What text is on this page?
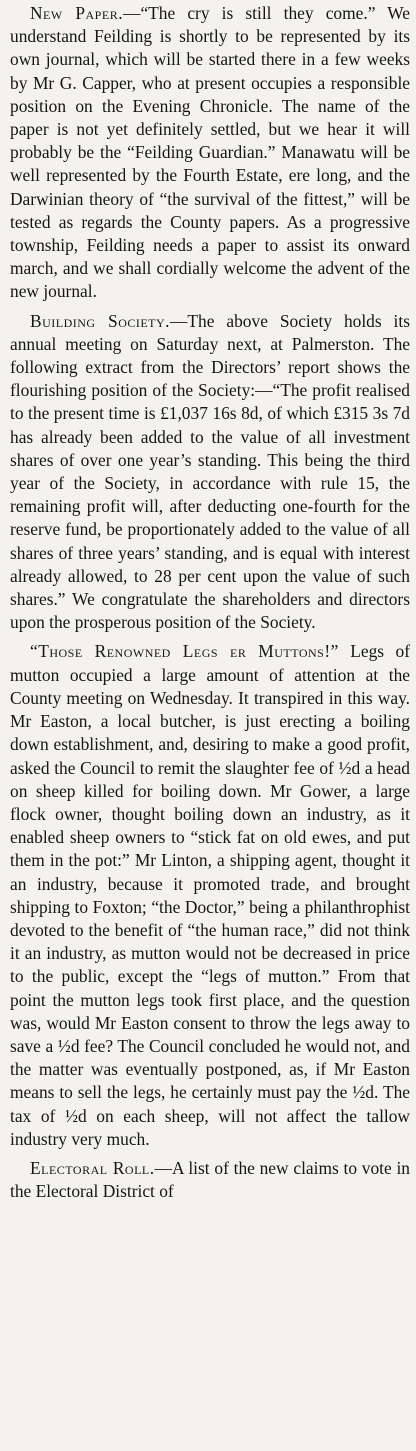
New Paper.—“The cry is still they come.” We understand Feilding is shortly to be represented by its own journal, which will be started there in a few weeks by Mr G. Capper, who at present occupies a responsible position on the Evening Chronicle. The name of the paper is not yet definitely settled, but we hear it will probably be the “Feilding Guardian.” Manawatu will be well represented by the Fourth Estate, ere long, and the Darwinian theory of “the survival of the fittest,” will be tested as regards the County papers. As a progressive township, Feilding needs a paper to assist its onward march, and we shall cordially welcome the advent of the new journal.

Building Society.—The above Society holds its annual meeting on Saturday next, at Palmerston. The following extract from the Directors’ report shows the flourishing position of the Society:—“The profit realised to the present time is £1,037 16s 8d, of which £315 3s 7d has already been added to the value of all investment shares of over one year’s standing. This being the third year of the Society, in accordance with rule 15, the remaining profit will, after deducting one-fourth for the reserve fund, be proportionately added to the value of all shares of three years’ standing, and is equal with interest already allowed, to 28 per cent upon the value of such shares.” We congratulate the shareholders and directors upon the prosperous position of the Society.

“Those Renowned Legs er Muttons!” Legs of mutton occupied a large amount of attention at the County meeting on Wednesday. It transpired in this way. Mr Easton, a local butcher, is just erecting a boiling down establishment, and, desiring to make a good profit, asked the Council to remit the slaughter fee of ½d a head on sheep killed for boiling down. Mr Gower, a large flock owner, thought boiling down an industry, as it enabled sheep owners to “stick fat on old ewes, and put them in the pot:” Mr Linton, a shipping agent, thought it an industry, because it promoted trade, and brought shipping to Foxton; “the Doctor,” being a philanthrophist devoted to the benefit of “the human race,” did not think it an industry, as mutton would not be decreased in price to the public, except the “legs of mutton.” From that point the mutton legs took first place, and the question was, would Mr Easton consent to throw the legs away to save a ½d fee? The Council concluded he would not, and the matter was eventually postponed, as, if Mr Easton means to sell the legs, he certainly must pay the ½d. The tax of ½d on each sheep, will not affect the tallow industry very much.

Electoral Roll.—A list of the new claims to vote in the Electoral District of
